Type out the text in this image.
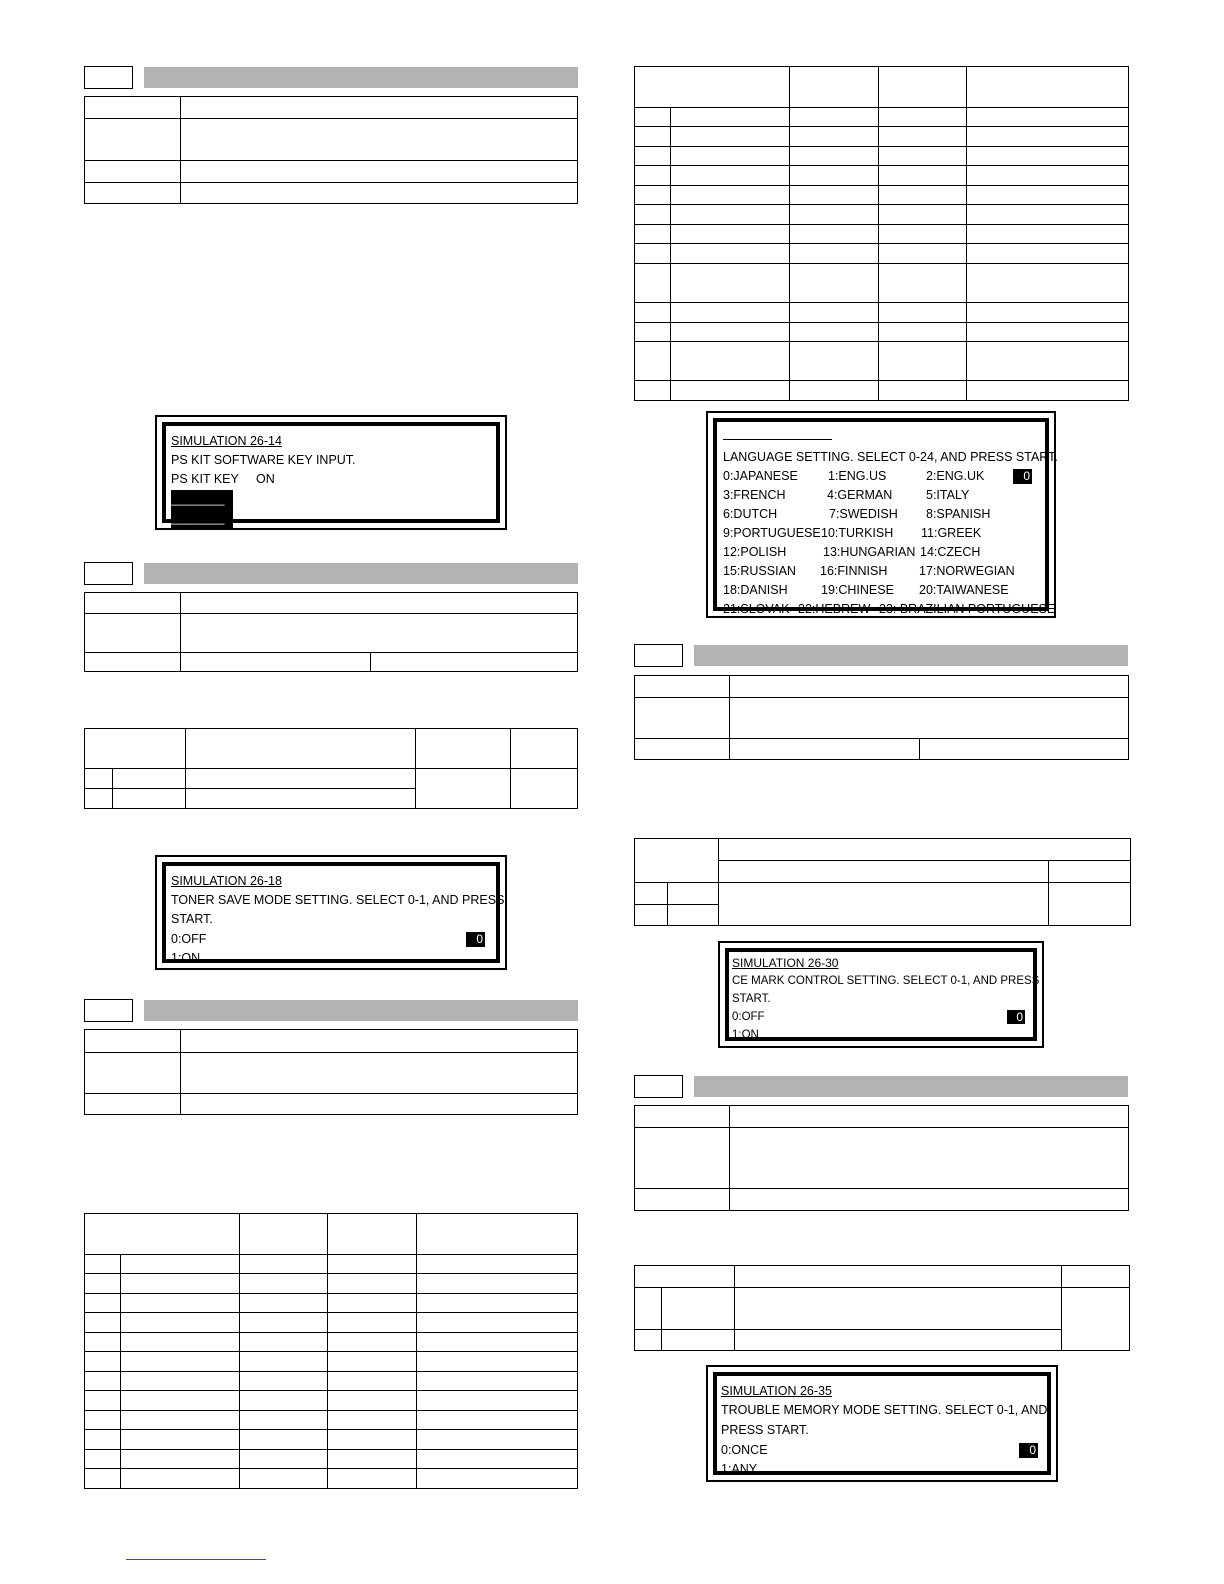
SIMULATION 26-14
PS KIT SOFTWARE KEY INPUT.
PS KIT KEY     ON
________
________
SIMULATION 26-18
TONER SAVE MODE SETTING. SELECT 0-1, AND PRESS
START.
0:OFF	0
1:ON
LANGUAGE SETTING. SELECT 0-24, AND PRESS START.
0
0:JAPANESE 1:ENG.US	2:ENG.UK
3:FRENCH	4:GERMAN	5:ITALY
6:DUTCH	7:SWEDISH 8:SPANISH
9:PORTUGUESE 10:TURKISH 11:GREEK
12:POLISH	13:HUNGARIAN 14:CZECH
15:RUSSIAN 16:FINNISH	17:NORWEGIAN
18:DANISH	19:CHINESE 20:TAIWANESE
21:SLOVAK 22:HEBREW 23: BRAZILIAN PORTUGUESE
SIMULATION 26-30
CE MARK CONTROL SETTING. SELECT 0-1, AND PRESS
START.
0:OFF	0
1:ON
SIMULATION 26-35
TROUBLE MEMORY MODE SETTING. SELECT 0-1, AND
PRESS START.
0:ONCE	0
1:ANY
